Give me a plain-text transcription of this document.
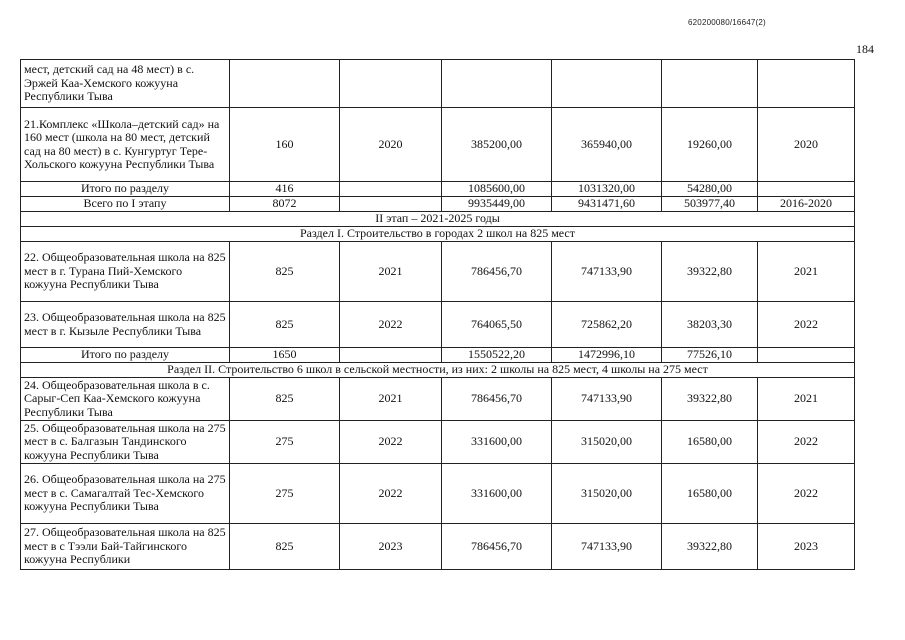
620200080/16647(2)
184
мест, детский сад на 48 мест) в с. Эржей Каа-Хемского кожууна Республики Тыва						
21.Комплекс «Школа–детский сад» на 160 мест (школа на 80 мест, детский сад на 80 мест) в с. Кунгуртуг Тере-Хольского кожууна Республики Тыва	160	2020	385200,00	365940,00	19260,00	2020
Итого по разделу	416		1085600,00	1031320,00	54280,00	
Всего по I этапу	8072		9935449,00	9431471,60	503977,40	2016-2020
II этап – 2021-2025 годы						
Раздел I. Строительство в городах 2 школ на 825 мест						
22. Общеобразовательная школа на 825 мест в г. Турана Пий-Хемского кожууна Республики Тыва	825	2021	786456,70	747133,90	39322,80	2021
23. Общеобразовательная школа на 825 мест в г. Кызыле Республики Тыва	825	2022	764065,50	725862,20	38203,30	2022
Итого по разделу	1650		1550522,20	1472996,10	77526,10	
Раздел II. Строительство 6 школ в сельской местности, из них: 2 школы на 825 мест, 4 школы на 275 мест						
24. Общеобразовательная школа в с. Сарыг-Сеп Каа-Хемского кожууна Республики Тыва	825	2021	786456,70	747133,90	39322,80	2021
25. Общеобразовательная школа на 275 мест в с. Балгазын Тандинского кожууна Республики Тыва	275	2022	331600,00	315020,00	16580,00	2022
26. Общеобразовательная школа на 275 мест в с. Самагалтай Тес-Хемского кожууна Республики Тыва	275	2022	331600,00	315020,00	16580,00	2022
27. Общеобразовательная школа на 825 мест в с Тээли Бай-Тайгинского кожууна Республики	825	2023	786456,70	747133,90	39322,80	2023
